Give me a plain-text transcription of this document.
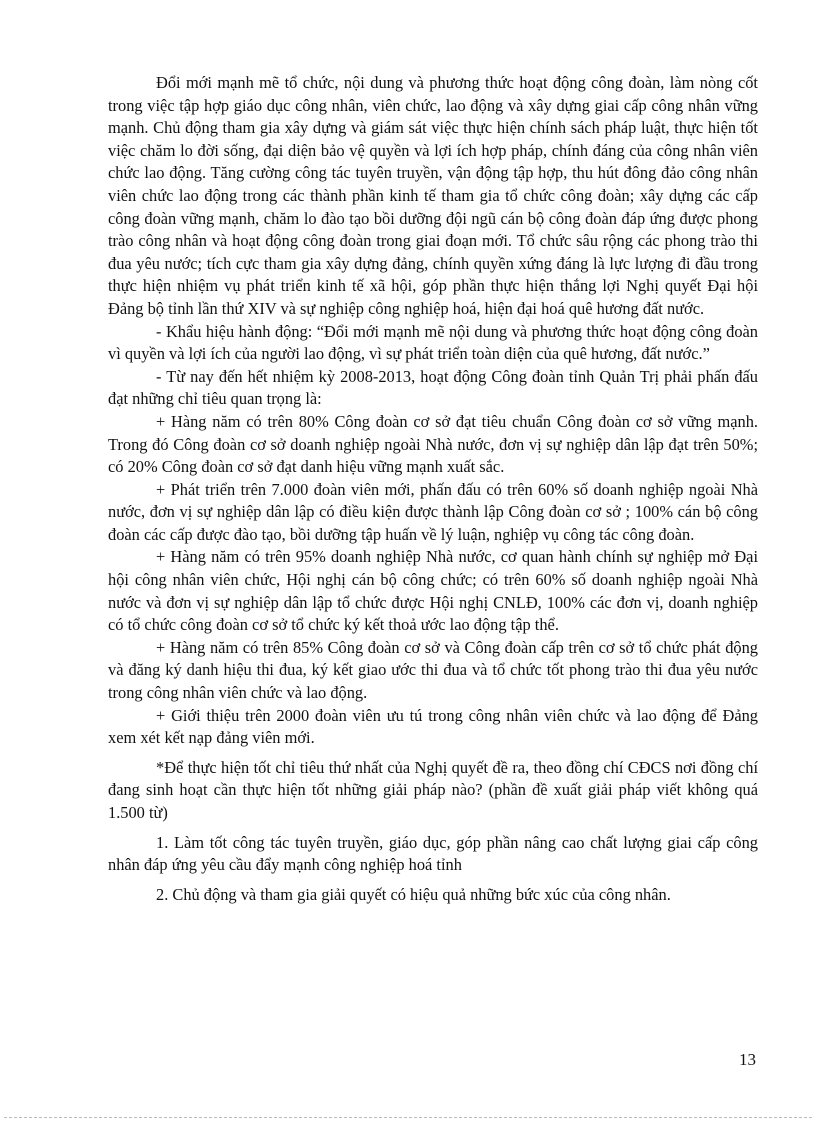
Đổi mới mạnh mẽ tổ chức, nội dung và phương thức hoạt động công đoàn, làm nòng cốt trong việc tập hợp giáo dục công nhân, viên chức, lao động và xây dựng giai cấp công nhân vững mạnh. Chủ động tham gia xây dựng và giám sát việc thực hiện chính sách pháp luật, thực hiện tốt việc chăm lo đời sống, đại diện bảo vệ quyền và lợi ích hợp pháp, chính đáng của công nhân viên chức lao động. Tăng cường công tác tuyên truyền, vận động tập hợp, thu hút đông đảo công nhân viên chức lao động trong các thành phần kinh tế tham gia tổ chức công đoàn; xây dựng các cấp công đoàn vững mạnh, chăm lo đào tạo bồi dưỡng đội ngũ cán bộ công đoàn đáp ứng được phong trào công nhân và hoạt động công đoàn trong giai đoạn mới. Tổ chức sâu rộng các phong trào thi đua yêu nước; tích cực tham gia xây dựng đảng, chính quyền xứng đáng là lực lượng đi đầu trong thực hiện nhiệm vụ phát triển kinh tế xã hội, góp phần thực hiện thắng lợi Nghị quyết Đại hội Đảng bộ tỉnh lần thứ XIV và sự nghiệp công nghiệp hoá, hiện đại hoá quê hương đất nước.

- Khẩu hiệu hành động: “Đổi mới mạnh mẽ nội dung và phương thức hoạt động công đoàn vì quyền và lợi ích của người lao động, vì sự phát triển toàn diện của quê hương, đất nước.”

- Từ nay đến hết nhiệm kỳ 2008-2013, hoạt động Công đoàn tỉnh Quản Trị phải phấn đấu đạt những chỉ tiêu quan trọng là:

+ Hàng năm có trên 80% Công đoàn cơ sở đạt tiêu chuẩn Công đoàn cơ sở vững mạnh. Trong đó Công đoàn cơ sở doanh nghiệp ngoài Nhà nước, đơn vị sự nghiệp dân lập đạt trên 50%; có 20% Công đoàn cơ sở đạt danh hiệu vững mạnh xuất sắc.

+ Phát triển trên 7.000 đoàn viên mới, phấn đấu có trên 60% số doanh nghiệp ngoài Nhà nước, đơn vị sự nghiệp dân lập có điều kiện được thành lập Công đoàn cơ sở ; 100% cán bộ công đoàn các cấp được đào tạo, bồi dưỡng tập huấn về lý luận, nghiệp vụ công tác công đoàn.

+ Hàng năm có trên 95% doanh nghiệp Nhà nước, cơ quan hành chính sự nghiệp mở Đại hội công nhân viên chức, Hội nghị cán bộ công chức; có trên 60% số doanh nghiệp ngoài Nhà nước và đơn vị sự nghiệp dân lập tổ chức được Hội nghị CNLĐ, 100% các đơn vị, doanh nghiệp có tổ chức công đoàn cơ sở tổ chức ký kết thoả ước lao động tập thể.

+ Hàng năm có trên 85% Công đoàn cơ sở và Công đoàn cấp trên cơ sở tổ chức phát động và đăng ký danh hiệu thi đua, ký kết giao ước thi đua và tổ chức tốt phong trào thi đua yêu nước trong công nhân viên chức và lao động.

+ Giới thiệu trên 2000 đoàn viên ưu tú trong công nhân viên chức và lao động để Đảng xem xét kết nạp đảng viên mới.

*Để thực hiện tốt chỉ tiêu thứ nhất của Nghị quyết đề ra, theo đồng chí CĐCS nơi đồng chí đang sinh hoạt cần thực hiện tốt những giải pháp nào? (phần đề xuất giải pháp viết không quá 1.500 từ)

1. Làm tốt công tác tuyên truyền, giáo dục, góp phần nâng cao chất lượng giai cấp công nhân đáp ứng yêu cầu đẩy mạnh công nghiệp hoá tỉnh

2. Chủ động và tham gia giải quyết có hiệu quả những bức xúc của công nhân.

13
